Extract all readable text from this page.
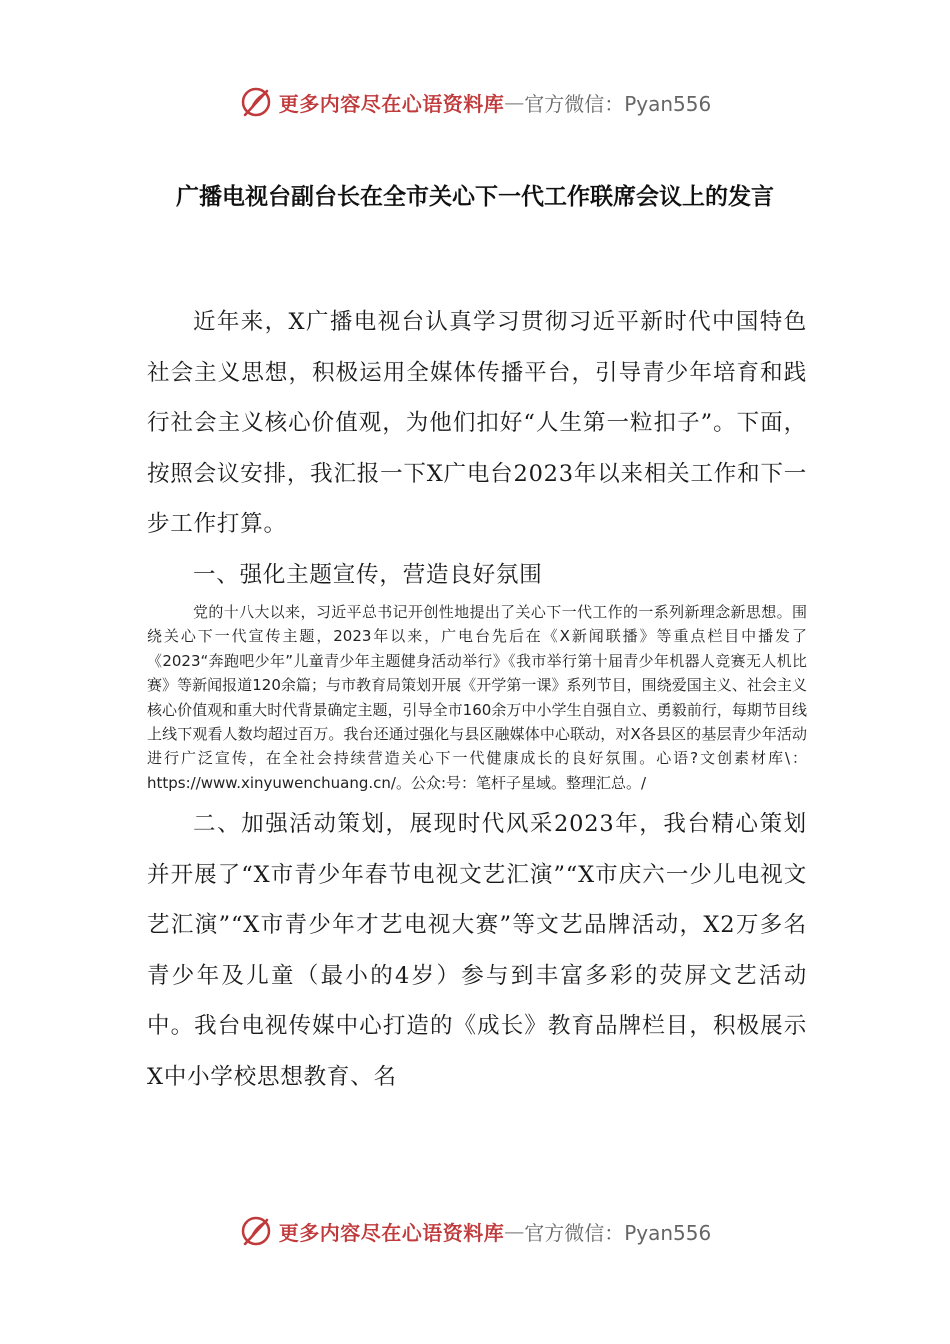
更多内容尽在心语资料库 — 官方微信：Pyan556
广播电视台副台长在全市关心下一代工作联席会议上的发言

近年来，X广播电视台认真学习贯彻习近平新时代中国特色社会主义思想，积极运用全媒体传播平台，引导青少年培育和践行社会主义核心价值观，为他们扣好“人生第一粒扣子”。下面，按照会议安排，我汇报一下X广电台2023年以来相关工作和下一步工作打算。

一、强化主题宣传，营造良好氛围

党的十八大以来，习近平总书记开创性地提出了关心下一代工作的一系列新理念新思想。围绕关心下一代宣传主题，2023年以来，广电台先后在《X新闻联播》等重点栏目中播发了《2023“奔跑吧少年”儿童青少年主题健身活动举行》《我市举行第十届青少年机器人竞赛无人机比赛》等新闻报道120余篇；与市教育局策划开展《开学第一课》系列节目，围绕爱国主义、社会主义核心价值观和重大时代背景确定主题，引导全市160余万中小学生自强自立、勇毅前行，每期节目线上线下观看人数均超过百万。我台还通过强化与县区融媒体中心联动，对X各县区的基层青少年活动进行广泛宣传，在全社会持续营造关心下一代健康成长的良好氛围。心语?文创素材库\：https://www.xinyuwenchuang.cn/。公众:号：笔杆子星域。整理汇总。/

二、加强活动策划，展现时代风采2023年，我台精心策划并开展了“X市青少年春节电视文艺汇演”“X市庆六一少儿电视文艺汇演”“X市青少年才艺电视大赛”等文艺品牌活动，X2万多名青少年及儿童（最小的4岁）参与到丰富多彩的荧屏文艺活动中。我台电视传媒中心打造的《成长》教育品牌栏目，积极展示X中小学校思想教育、名

更多内容尽在心语资料库 — 官方微信：Pyan556
